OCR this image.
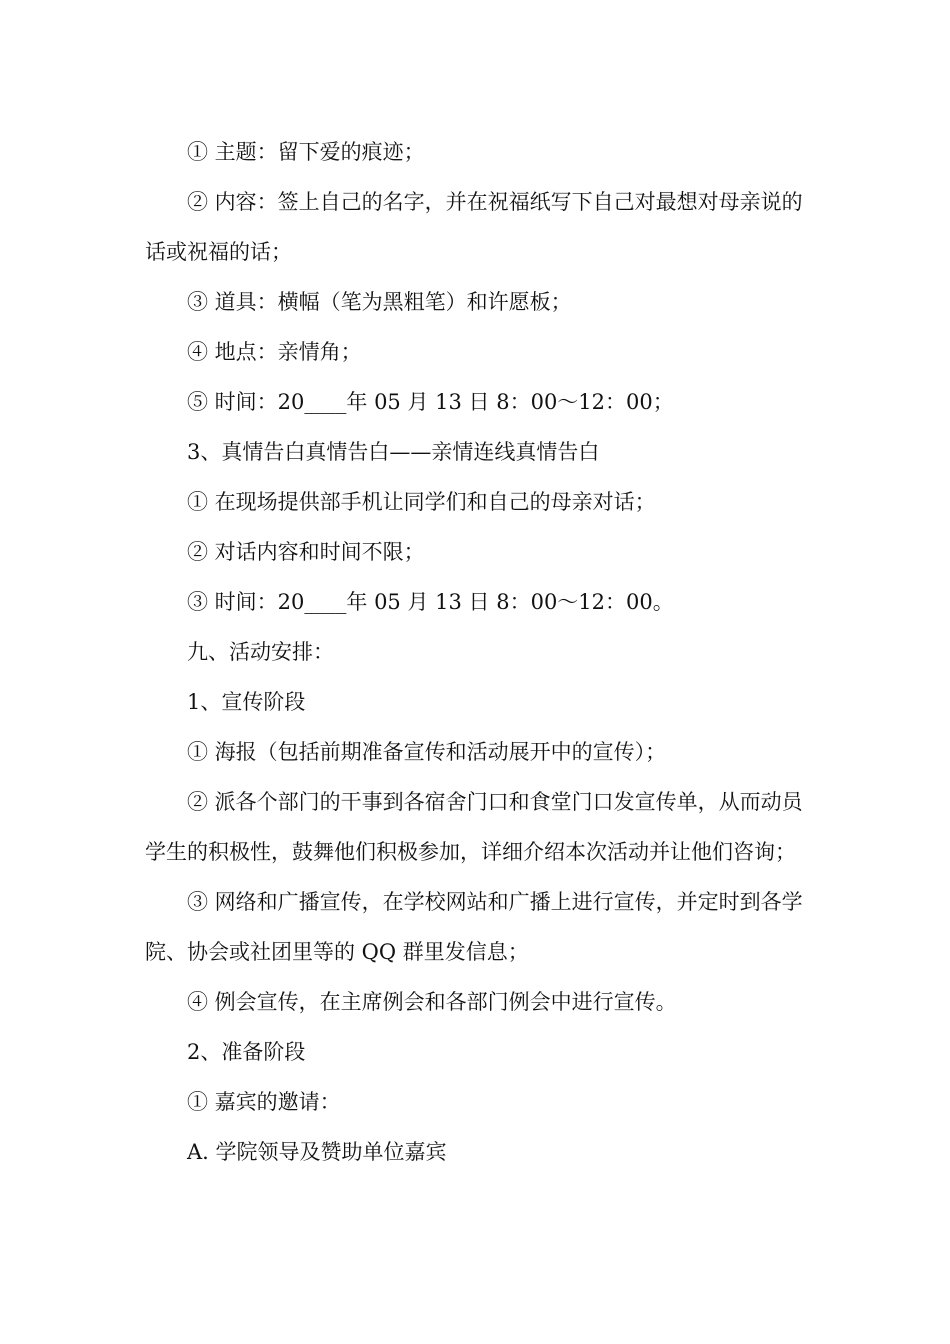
① 主题：留下爱的痕迹；

② 内容：签上自己的名字，并在祝福纸写下自己对最想对母亲说的话或祝福的话；

③ 道具：横幅（笔为黑粗笔）和许愿板；

④ 地点：亲情角；

⑤ 时间：20____年 05 月 13 日 8：00～12：00；

3、真情告白真情告白——亲情连线真情告白

① 在现场提供部手机让同学们和自己的母亲对话；

② 对话内容和时间不限；

③ 时间：20____年 05 月 13 日 8：00～12：00。

九、活动安排：

1、宣传阶段

① 海报（包括前期准备宣传和活动展开中的宣传）；

② 派各个部门的干事到各宿舍门口和食堂门口发宣传单，从而动员学生的积极性，鼓舞他们积极参加，详细介绍本次活动并让他们咨询；

③ 网络和广播宣传，在学校网站和广播上进行宣传，并定时到各学院、协会或社团里等的 QQ 群里发信息；

④ 例会宣传，在主席例会和各部门例会中进行宣传。

2、准备阶段

① 嘉宾的邀请：

A. 学院领导及赞助单位嘉宾
